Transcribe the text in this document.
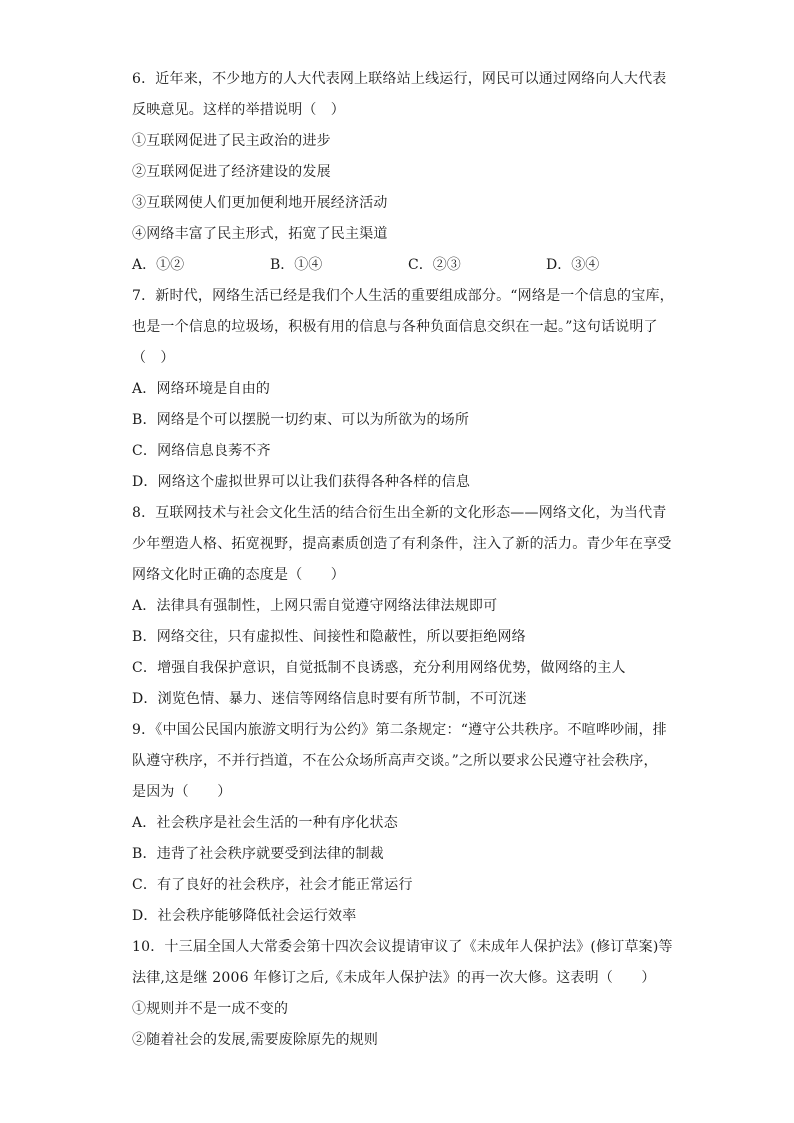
6．近年来，不少地方的人大代表网上联络站上线运行，网民可以通过网络向人大代表
反映意见。这样的举措说明（　）
①互联网促进了民主政治的进步
②互联网促进了经济建设的发展
③互联网使人们更加便利地开展经济活动
④网络丰富了民主形式，拓宽了民主渠道
A．①②	B．①④	C．②③	D．③④
7．新时代，网络生活已经是我们个人生活的重要组成部分。“网络是一个信息的宝库，
也是一个信息的垃圾场，积极有用的信息与各种负面信息交织在一起。”这句话说明了
（　）
A．网络环境是自由的
B．网络是个可以摆脱一切约束、可以为所欲为的场所
C．网络信息良莠不齐
D．网络这个虚拟世界可以让我们获得各种各样的信息
8．互联网技术与社会文化生活的结合衍生出全新的文化形态——网络文化，为当代青
少年塑造人格、拓宽视野，提高素质创造了有利条件，注入了新的活力。青少年在享受
网络文化时正确的态度是（　　）
A．法律具有强制性，上网只需自觉遵守网络法律法规即可
B．网络交往，只有虚拟性、间接性和隐蔽性，所以要拒绝网络
C．增强自我保护意识，自觉抵制不良诱惑，充分利用网络优势，做网络的主人
D．浏览色情、暴力、迷信等网络信息时要有所节制，不可沉迷
9．《中国公民国内旅游文明行为公约》第二条规定：“遵守公共秩序。不喧哗吵闹，排
队遵守秩序，不并行挡道，不在公众场所高声交谈。”之所以要求公民遵守社会秩序，
是因为（　　）
A．社会秩序是社会生活的一种有序化状态
B．违背了社会秩序就要受到法律的制裁
C．有了良好的社会秩序，社会才能正常运行
D．社会秩序能够降低社会运行效率
10．十三届全国人大常委会第十四次会议提请审议了《未成年人保护法》(修订草案)等
法律,这是继 2006 年修订之后,《未成年人保护法》的再一次大修。这表明（　　）
①规则并不是一成不变的
②随着社会的发展,需要废除原先的规则
